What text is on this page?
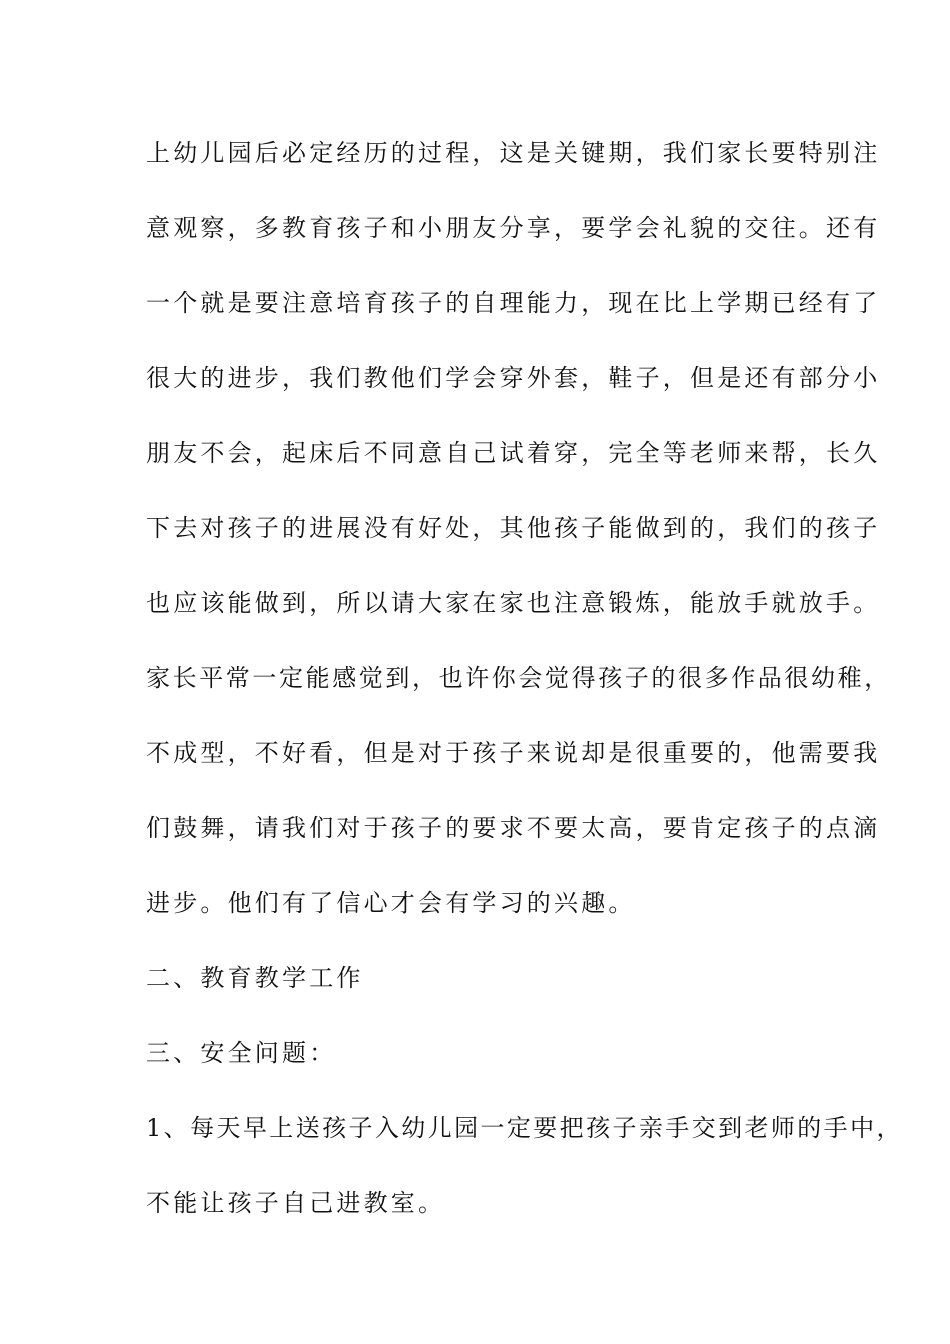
上幼儿园后必定经历的过程，这是关键期，我们家长要特别注
意观察，多教育孩子和小朋友分享，要学会礼貌的交往。还有
一个就是要注意培育孩子的自理能力，现在比上学期已经有了
很大的进步，我们教他们学会穿外套，鞋子，但是还有部分小
朋友不会，起床后不同意自己试着穿，完全等老师来帮，长久
下去对孩子的进展没有好处，其他孩子能做到的，我们的孩子
也应该能做到，所以请大家在家也注意锻炼，能放手就放手。
家长平常一定能感觉到，也许你会觉得孩子的很多作品很幼稚，
不成型，不好看，但是对于孩子来说却是很重要的，他需要我
们鼓舞，请我们对于孩子的要求不要太高，要肯定孩子的点滴
进步。他们有了信心才会有学习的兴趣。
二、教育教学工作
三、安全问题：
1、每天早上送孩子入幼儿园一定要把孩子亲手交到老师的手中，
不能让孩子自己进教室。
